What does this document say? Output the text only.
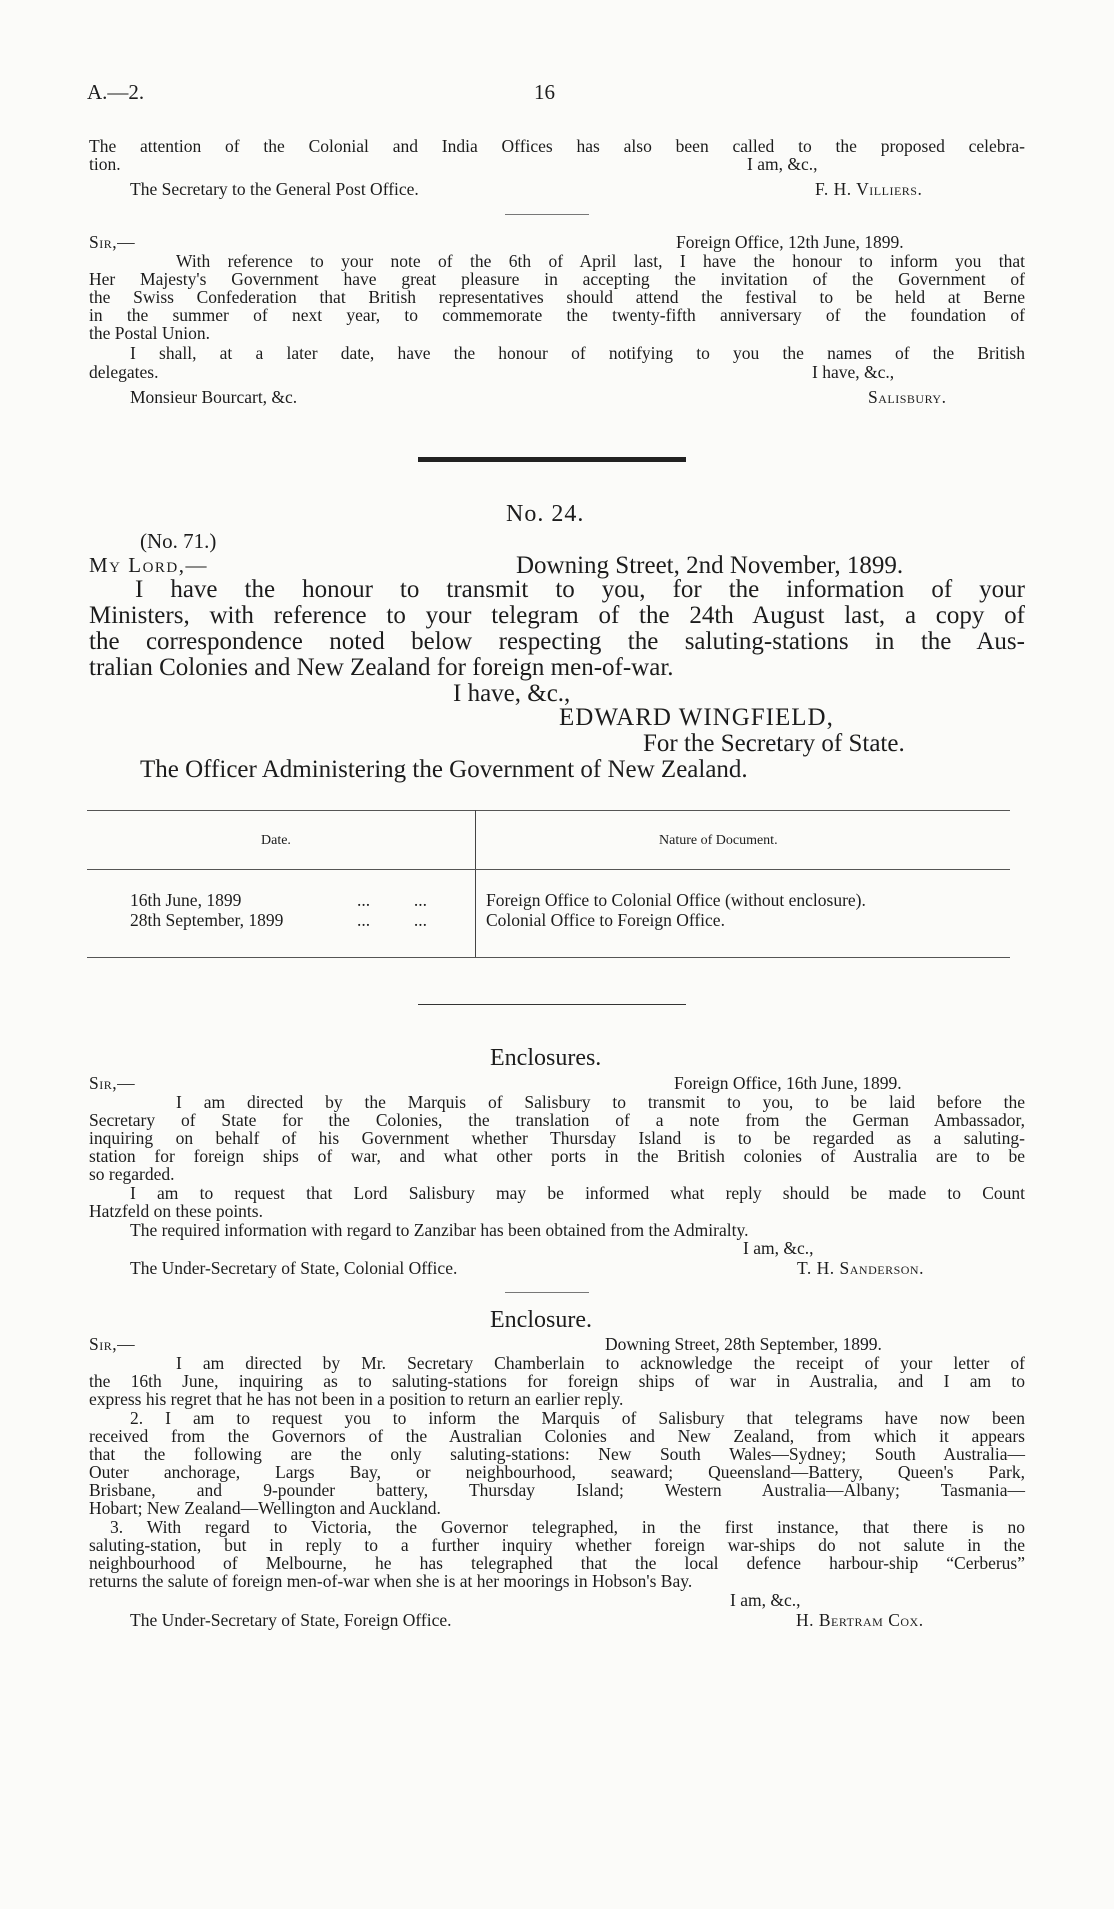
A.—2.	16
The attention of the Colonial and India Offices has also been called to the proposed celebra-
tion.	I am, &c.,
The Secretary to the General Post Office.	F. H. Villiers.
Sir,—	Foreign Office, 12th June, 1899.
With reference to your note of the 6th of April last, I have the honour to inform you that
Her Majesty's Government have great pleasure in accepting the invitation of the Government of
the Swiss Confederation that British representatives should attend the festival to be held at Berne
in the summer of next year, to commemorate the twenty-fifth anniversary of the foundation of
the Postal Union.
I shall, at a later date, have the honour of notifying to you the names of the British
delegates.	I have, &c.,
Monsieur Bourcart, &c.	Salisbury.
No. 24.
(No. 71.)
My Lord,—	Downing Street, 2nd November, 1899.
I have the honour to transmit to you, for the information of your
Ministers, with reference to your telegram of the 24th August last, a copy of
the correspondence noted below respecting the saluting-stations in the Aus-
tralian Colonies and New Zealand for foreign men-of-war.
I have, &c.,
EDWARD WINGFIELD,
For the Secretary of State.
The Officer Administering the Government of New Zealand.
Date.	Nature of Document.
16th June, 1899	...          ...	Foreign Office to Colonial Office (without enclosure).
28th September, 1899	...          ...	Colonial Office to Foreign Office.
Enclosures.
Sir,—	Foreign Office, 16th June, 1899.
I am directed by the Marquis of Salisbury to transmit to you, to be laid before the
Secretary of State for the Colonies, the translation of a note from the German Ambassador,
inquiring on behalf of his Government whether Thursday Island is to be regarded as a saluting-
station for foreign ships of war, and what other ports in the British colonies of Australia are to be
so regarded.
I am to request that Lord Salisbury may be informed what reply should be made to Count
Hatzfeld on these points.
The required information with regard to Zanzibar has been obtained from the Admiralty.
I am, &c.,
The Under-Secretary of State, Colonial Office.	T. H. Sanderson.
Enclosure.
Sir,—	Downing Street, 28th September, 1899.
I am directed by Mr. Secretary Chamberlain to acknowledge the receipt of your letter of
the 16th June, inquiring as to saluting-stations for foreign ships of war in Australia, and I am to
express his regret that he has not been in a position to return an earlier reply.
2. I am to request you to inform the Marquis of Salisbury that telegrams have now been
received from the Governors of the Australian Colonies and New Zealand, from which it appears
that the following are the only saluting-stations: New South Wales—Sydney; South Australia—
Outer anchorage, Largs Bay, or neighbourhood, seaward; Queensland—Battery, Queen's Park,
Brisbane, and 9-pounder battery, Thursday Island; Western Australia—Albany; Tasmania—
Hobart; New Zealand—Wellington and Auckland.
3. With regard to Victoria, the Governor telegraphed, in the first instance, that there is no
saluting-station, but in reply to a further inquiry whether foreign war-ships do not salute in the
neighbourhood of Melbourne, he has telegraphed that the local defence harbour-ship “Cerberus”
returns the salute of foreign men-of-war when she is at her moorings in Hobson's Bay.
I am, &c.,
The Under-Secretary of State, Foreign Office.	H. Bertram Cox.
